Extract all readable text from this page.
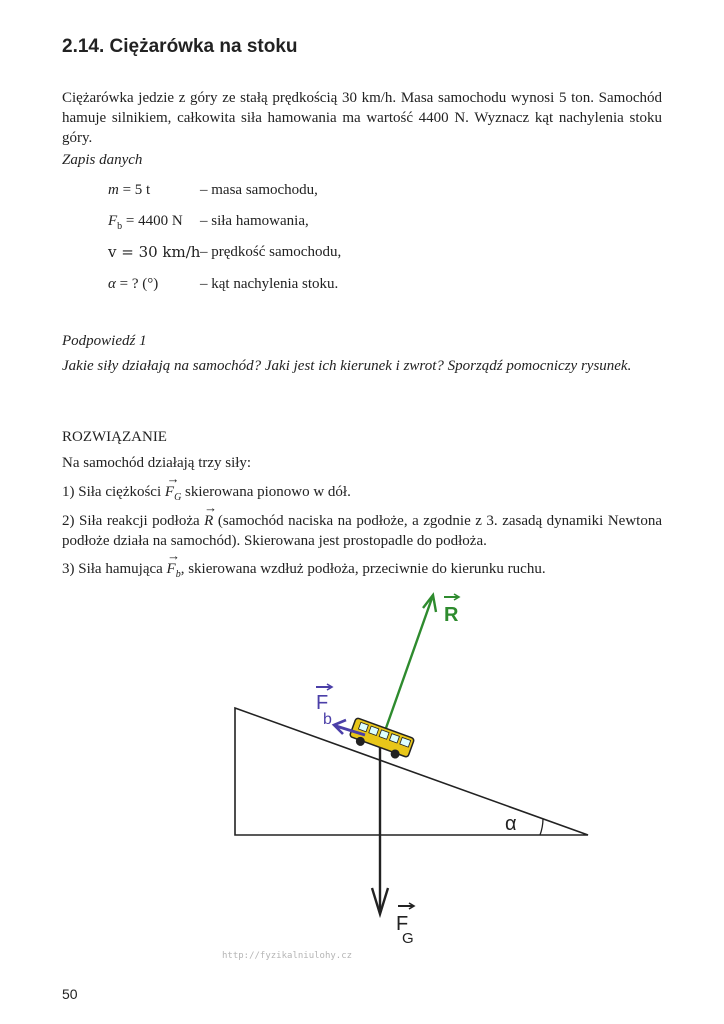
2.14. Ciężarówka na stoku
Ciężarówka jedzie z góry ze stałą prędkością 30 km/h. Masa samochodu wynosi 5 ton. Samochód hamuje silnikiem, całkowita siła hamowania ma wartość 4400 N. Wyznacz kąt nachylenia stoku góry.
Zapis danych
m = 5 t	– masa samochodu,
$F_b = 4400$ N – siła hamowania,
v = 30 km/h – prędkość samochodu,
α = ? (°)	– kąt nachylenia stoku.
Podpowiedź 1
Jakie siły działają na samochód? Jaki jest ich kierunek i zwrot? Sporządź pomocniczy rysunek.
ROZWIĄZANIE
Na samochód działają trzy siły:
1) Siła ciężkości → $F_G$ skierowana pionowo w dół.
2) Siła reakcji podłoża → R (samochód naciska na podłoże, a zgodnie z 3. zasadą dynamiki Newtona podłoże działa na samochód). Skierowana jest prostopadle do podłoża.
3) Siła hamująca → $F_b$, skierowana wzdłuż podłoża, przeciwnie do kierunku ruchu.
α
R
F
G
F
b
http://fyzikalniulohy.cz
50
